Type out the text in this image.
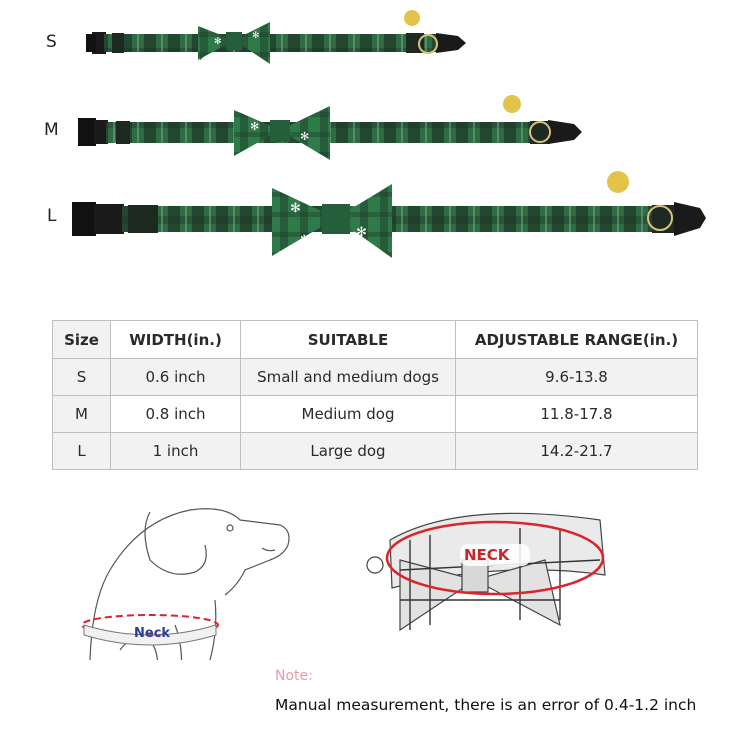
S
M
L
✻
✻
✻
✻
✻
✻
✻
Size	WIDTH(in.)	SUITABLE	ADJUSTABLE RANGE(in.)
S	0.6 inch	Small and medium dogs	9.6-13.8
M	0.8 inch	Medium dog	11.8-17.8
L	1 inch	Large dog	14.2-21.7
Neck
NECK
Note:
Manual measurement, there is an error of 0.4-1.2 inch
